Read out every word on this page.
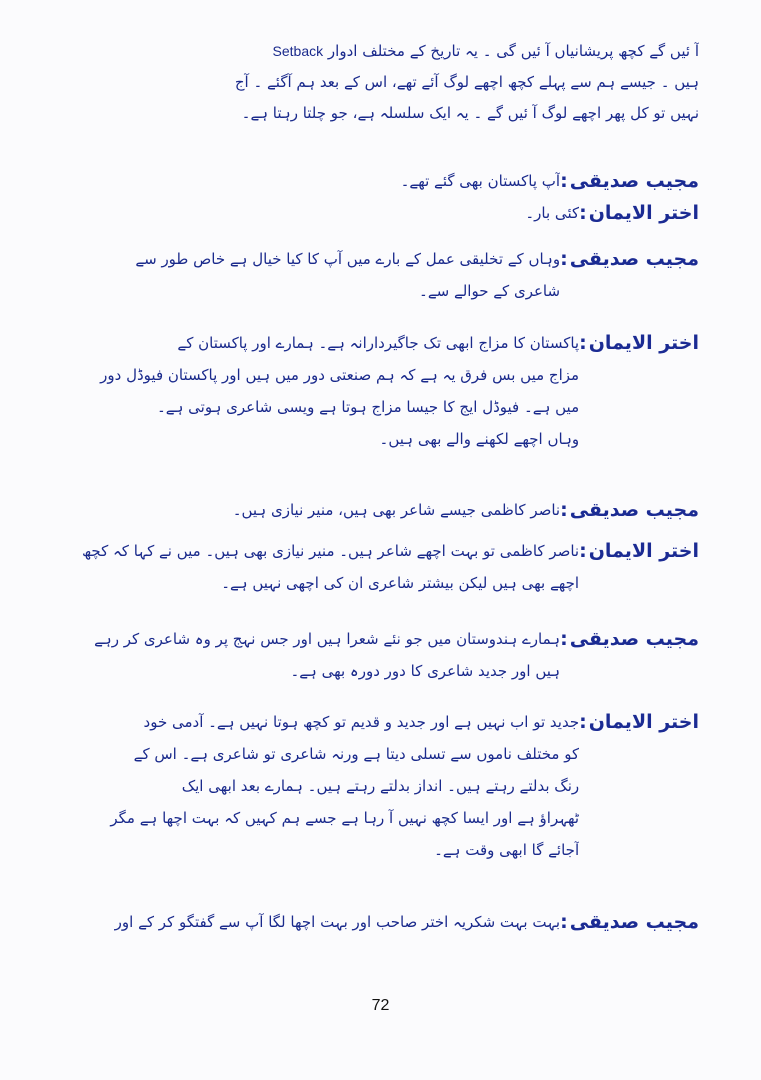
آ ئیں گے کچھ پریشانیاں آ ئیں گی ۔ یہ تاریخ کے مختلف ادوار Setback
ہیں ۔ جیسے ہم سے پہلے کچھ اچھے لوگ آئے تھے، اس کے بعد ہم آگئے ۔ آج
نہیں تو کل پھر اچھے لوگ آ ئیں گے ۔ یہ ایک سلسلہ ہے، جو چلتا رہتا ہے۔
مجیب صدیقی:
آپ پاکستان بھی گئے تھے۔
اختر الایمان:
کئی بار۔
مجیب صدیقی:
وہاں کے تخلیقی عمل کے بارے میں آپ کا کیا خیال ہے خاص طور سے
شاعری کے حوالے سے۔
اختر الایمان:
پاکستان کا مزاج ابھی تک جاگیردارانہ ہے۔ ہمارے اور پاکستان کے
مزاج میں بس فرق یہ ہے کہ ہم صنعتی دور میں ہیں اور پاکستان فیوڈل دور
میں ہے۔ فیوڈل ایج کا جیسا مزاج ہوتا ہے ویسی شاعری ہوتی ہے۔
وہاں اچھے لکھنے والے بھی ہیں۔
مجیب صدیقی:
ناصر کاظمی جیسے شاعر بھی ہیں، منیر نیازی ہیں۔
اختر الایمان:
ناصر کاظمی تو بہت اچھے شاعر ہیں۔ منیر نیازی بھی ہیں۔ میں نے کہا کہ کچھ
اچھے بھی ہیں لیکن بیشتر شاعری ان کی اچھی نہیں ہے۔
مجیب صدیقی:
ہمارے ہندوستان میں جو نئے شعرا ہیں اور جس نہج پر وہ شاعری کر رہے
ہیں اور جدید شاعری کا دور دورہ بھی ہے۔
اختر الایمان:
جدید تو اب نہیں ہے اور جدید و قدیم تو کچھ ہوتا نہیں ہے۔ آدمی خود
کو مختلف ناموں سے تسلی دیتا ہے ورنہ شاعری تو شاعری ہے۔ اس کے
رنگ بدلتے رہتے ہیں۔ انداز بدلتے رہتے ہیں۔ ہمارے بعد ابھی ایک
ٹھہراؤ ہے اور ایسا کچھ نہیں آ رہا ہے جسے ہم کہیں کہ بہت اچھا ہے مگر
آجائے گا ابھی وقت ہے۔
مجیب صدیقی:
بہت بہت شکریہ اختر صاحب اور بہت اچھا لگا آپ سے گفتگو کر کے اور
72
